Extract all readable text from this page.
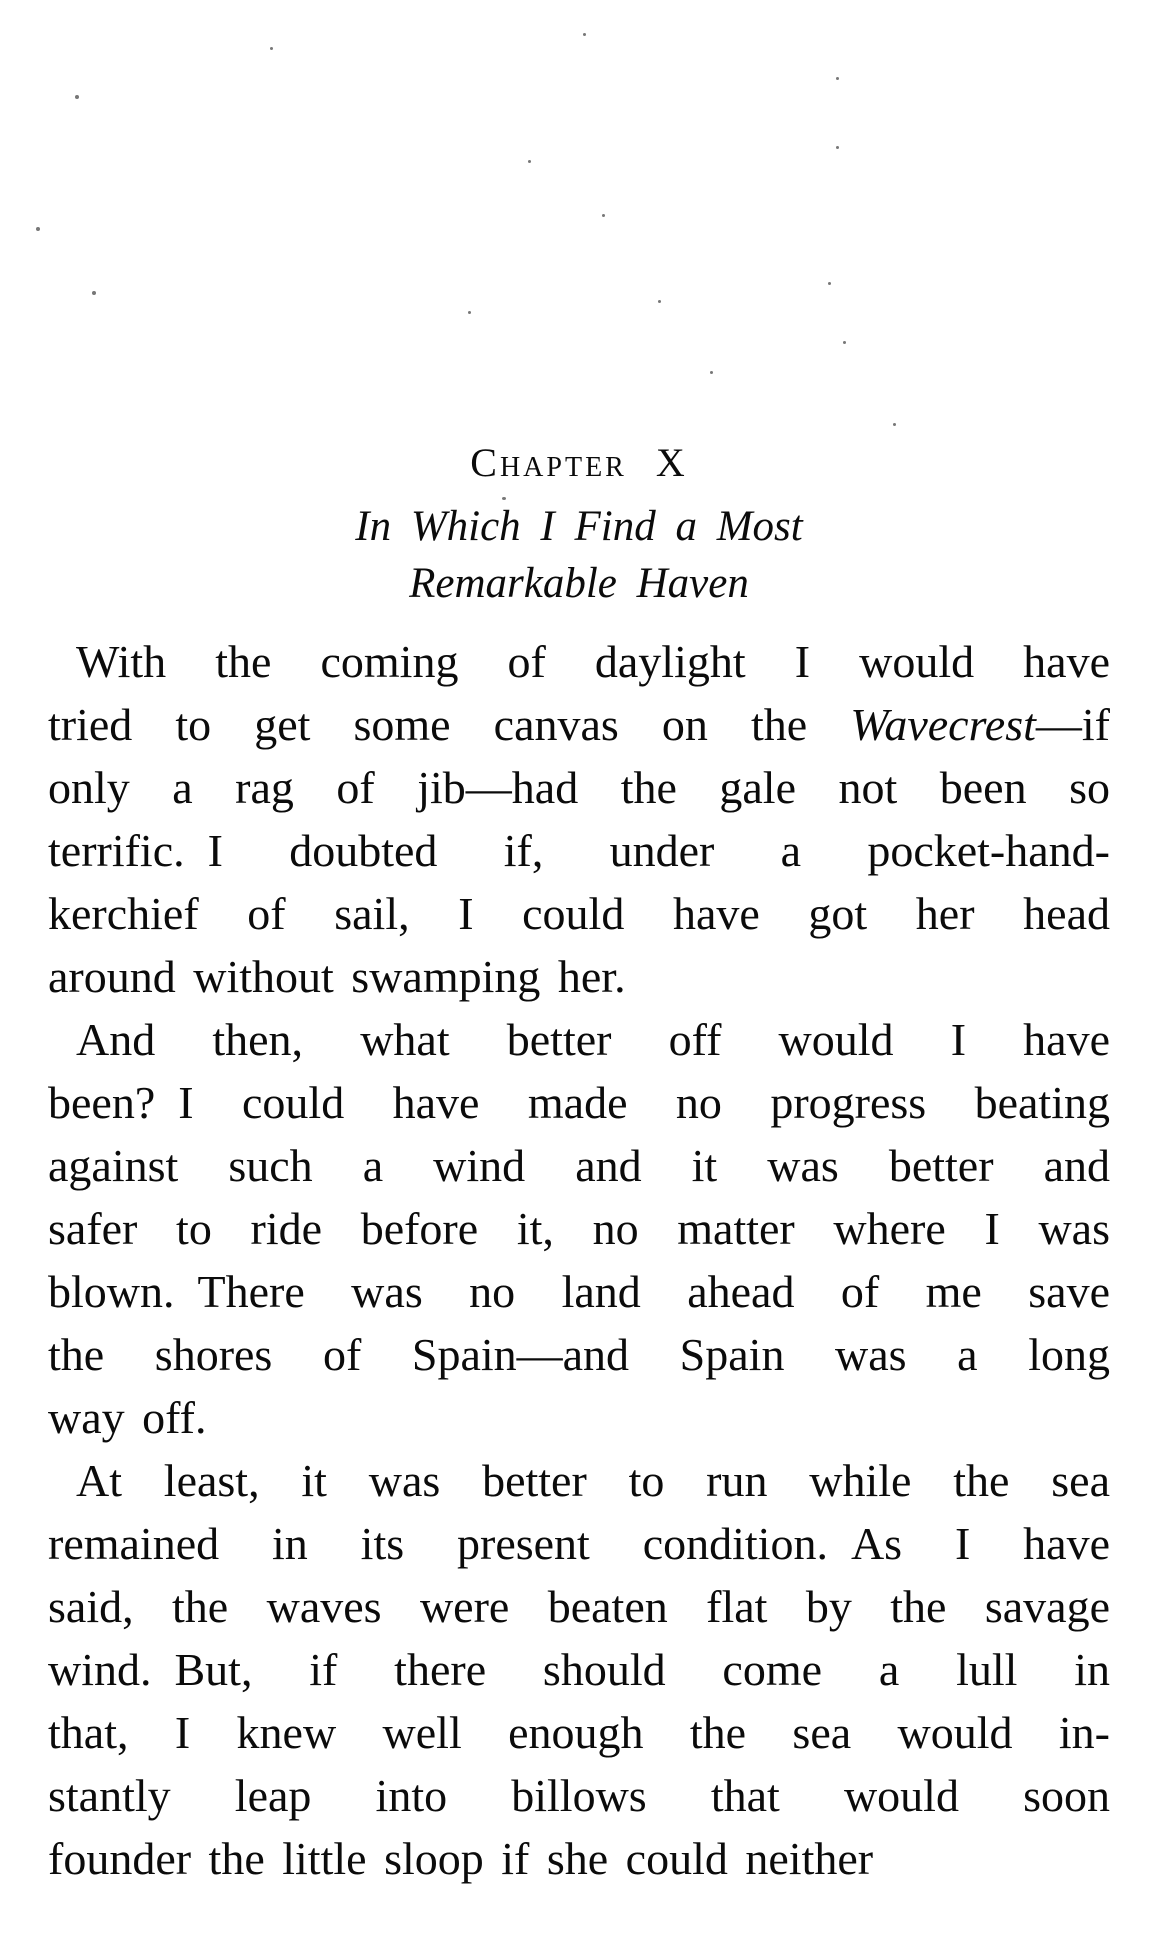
Chapter X
In Which I Find a Most
Remarkable Haven
With the coming of daylight I would have
tried to get some canvas on the Wavecrest—if
only a rag of jib—had the gale not been so
terrific. I doubted if, under a pocket-hand-
kerchief of sail, I could have got her head
around without swamping her.
And then, what better off would I have
been? I could have made no progress beating
against such a wind and it was better and
safer to ride before it, no matter where I was
blown. There was no land ahead of me save
the shores of Spain—and Spain was a long
way off.
At least, it was better to run while the sea
remained in its present condition. As I have
said, the waves were beaten flat by the savage
wind. But, if there should come a lull in
that, I knew well enough the sea would in-
stantly leap into billows that would soon
founder the little sloop if she could neither
